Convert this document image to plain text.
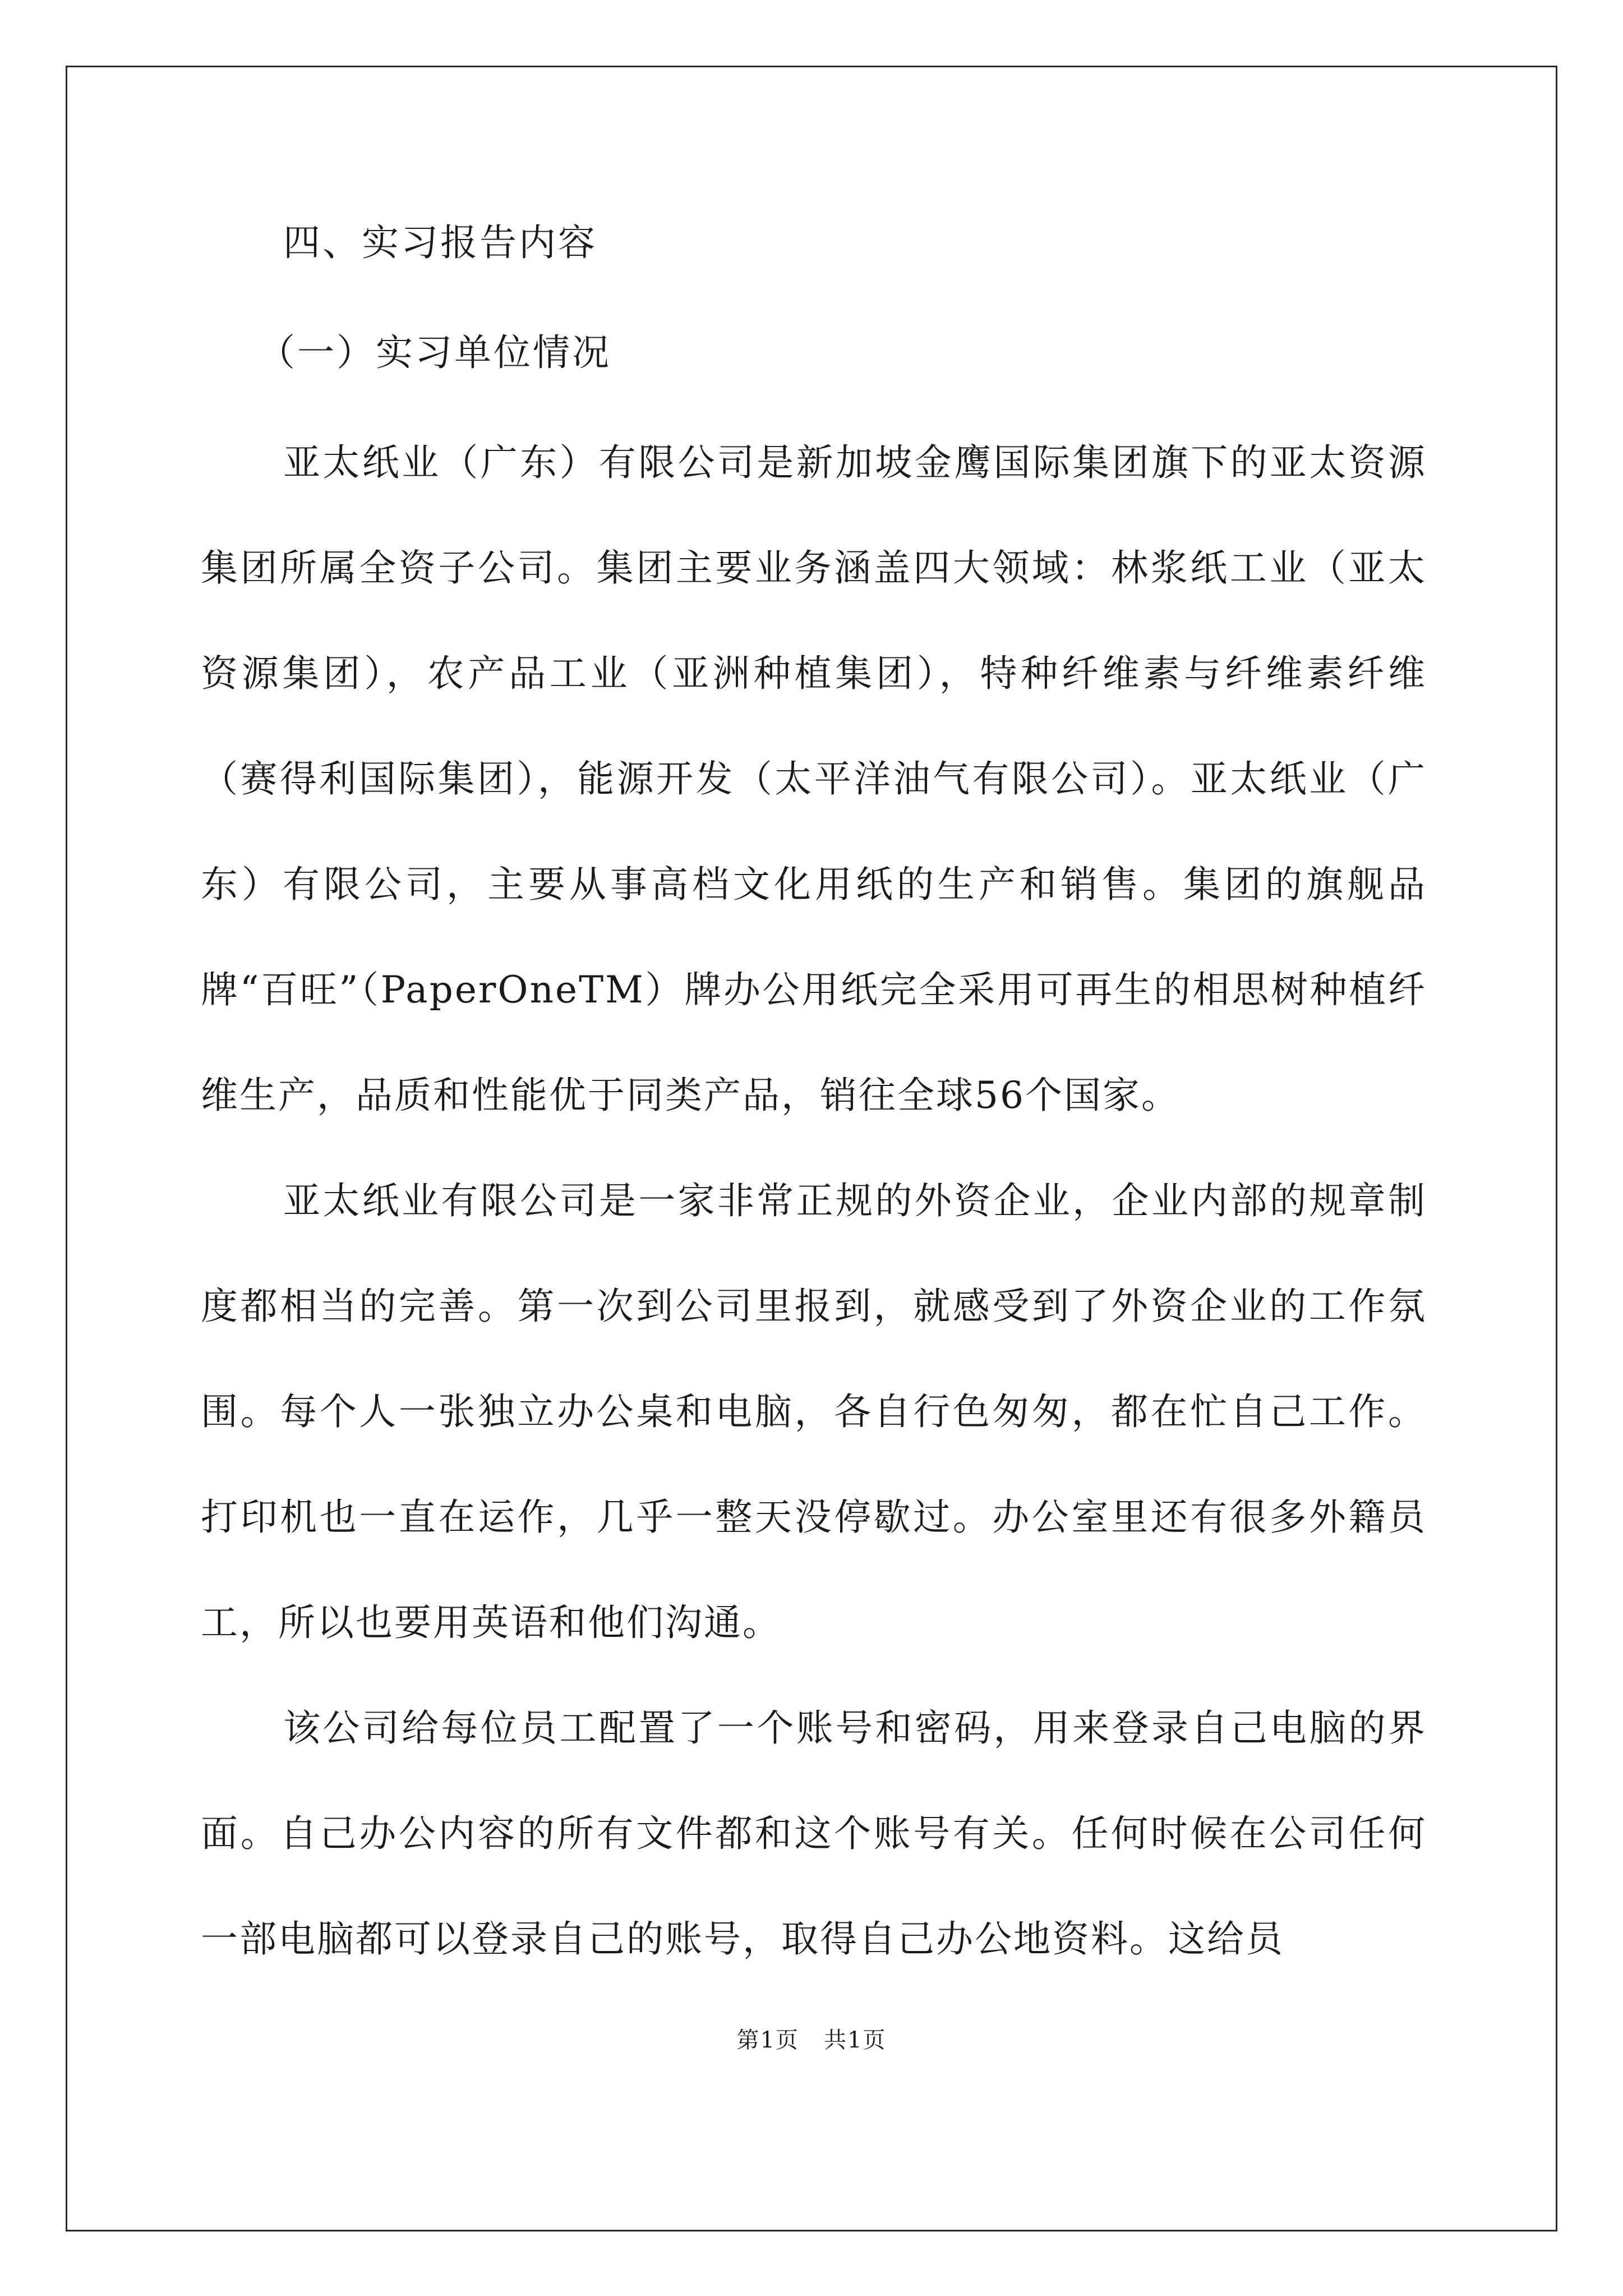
四、实习报告内容
（一）实习单位情况

亚太纸业（广东）有限公司是新加坡金鹰国际集团旗下的亚太资源集团所属全资子公司。集团主要业务涵盖四大领域：林浆纸工业（亚太资源集团），农产品工业（亚洲种植集团），特种纤维素与纤维素纤维（赛得利国际集团），能源开发（太平洋油气有限公司）。亚太纸业（广东）有限公司，主要从事高档文化用纸的生产和销售。集团的旗舰品牌“百旺”（PaperOneTM）牌办公用纸完全采用可再生的相思树种植纤维生产，品质和性能优于同类产品，销往全球56个国家。

亚太纸业有限公司是一家非常正规的外资企业，企业内部的规章制度都相当的完善。第一次到公司里报到，就感受到了外资企业的工作氛围。每个人一张独立办公桌和电脑，各自行色匆匆，都在忙自己工作。打印机也一直在运作，几乎一整天没停歇过。办公室里还有很多外籍员工，所以也要用英语和他们沟通。

该公司给每位员工配置了一个账号和密码，用来登录自己电脑的界面。自己办公内容的所有文件都和这个账号有关。任何时候在公司任何一部电脑都可以登录自己的账号，取得自己办公地资料。这给员

第1页   共1页
